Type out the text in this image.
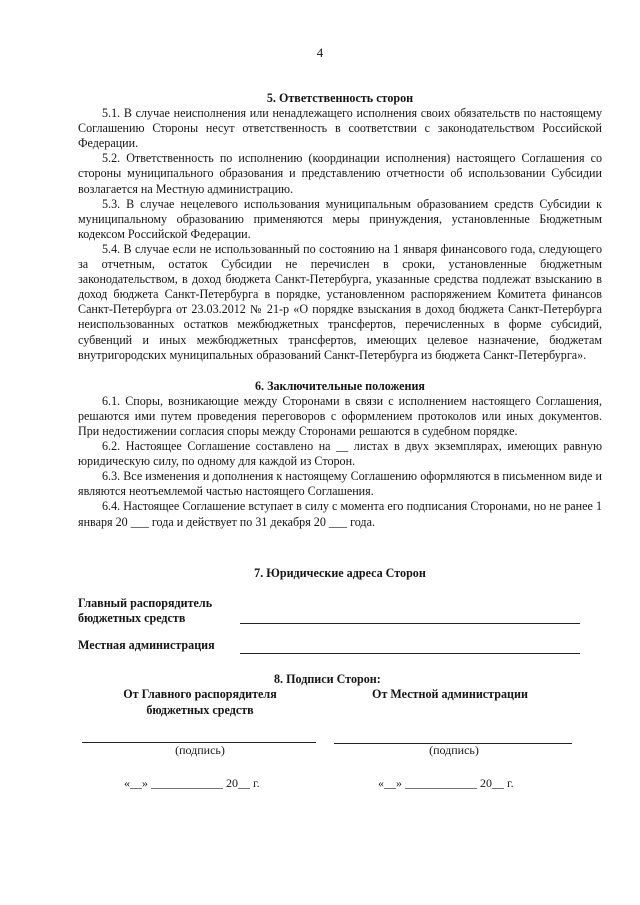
4

5. Ответственность сторон

5.1. В случае неисполнения или ненадлежащего исполнения своих обязательств по настоящему Соглашению Стороны несут ответственность в соответствии с законодательством Российской Федерации.

5.2. Ответственность по исполнению (координации исполнения) настоящего Соглашения со стороны муниципального образования и представлению отчетности об использовании Субсидии возлагается на Местную администрацию.

5.3. В случае нецелевого использования муниципальным образованием средств Субсидии к муниципальному образованию применяются меры принуждения, установленные Бюджетным кодексом Российской Федерации.

5.4. В случае если не использованный по состоянию на 1 января финансового года, следующего за отчетным, остаток Субсидии не перечислен в сроки, установленные бюджетным законодательством, в доход бюджета Санкт-Петербурга, указанные средства подлежат взысканию в доход бюджета Санкт-Петербурга в порядке, установленном распоряжением Комитета финансов Санкт-Петербурга от 23.03.2012 № 21-р «О порядке взыскания в доход бюджета Санкт-Петербурга неиспользованных остатков межбюджетных трансфертов, перечисленных в форме субсидий, субвенций и иных межбюджетных трансфертов, имеющих целевое назначение, бюджетам внутригородских муниципальных образований Санкт-Петербурга из бюджета Санкт-Петербурга».

6. Заключительные положения

6.1. Споры, возникающие между Сторонами в связи с исполнением настоящего Соглашения, решаются ими путем проведения переговоров с оформлением протоколов или иных документов. При недостижении согласия споры между Сторонами решаются в судебном порядке.

6.2. Настоящее Соглашение составлено на __ листах в двух экземплярах, имеющих равную юридическую силу, по одному для каждой из Сторон.

6.3. Все изменения и дополнения к настоящему Соглашению оформляются в письменном виде и являются неотъемлемой частью настоящего Соглашения.

6.4. Настоящее Соглашение вступает в силу с момента его подписания Сторонами, но не ранее 1 января 20 ___ года и действует по 31 декабря 20 ___ года.

7. Юридические адреса Сторон
Главный распорядитель бюджетных средств
Местная администрация
8. Подписи Сторон:
От Главного распорядителя бюджетных средств
От Местной администрации
(подпись)	(подпись)
«__» ____________ 20__ г.	«__» ____________ 20__ г.
